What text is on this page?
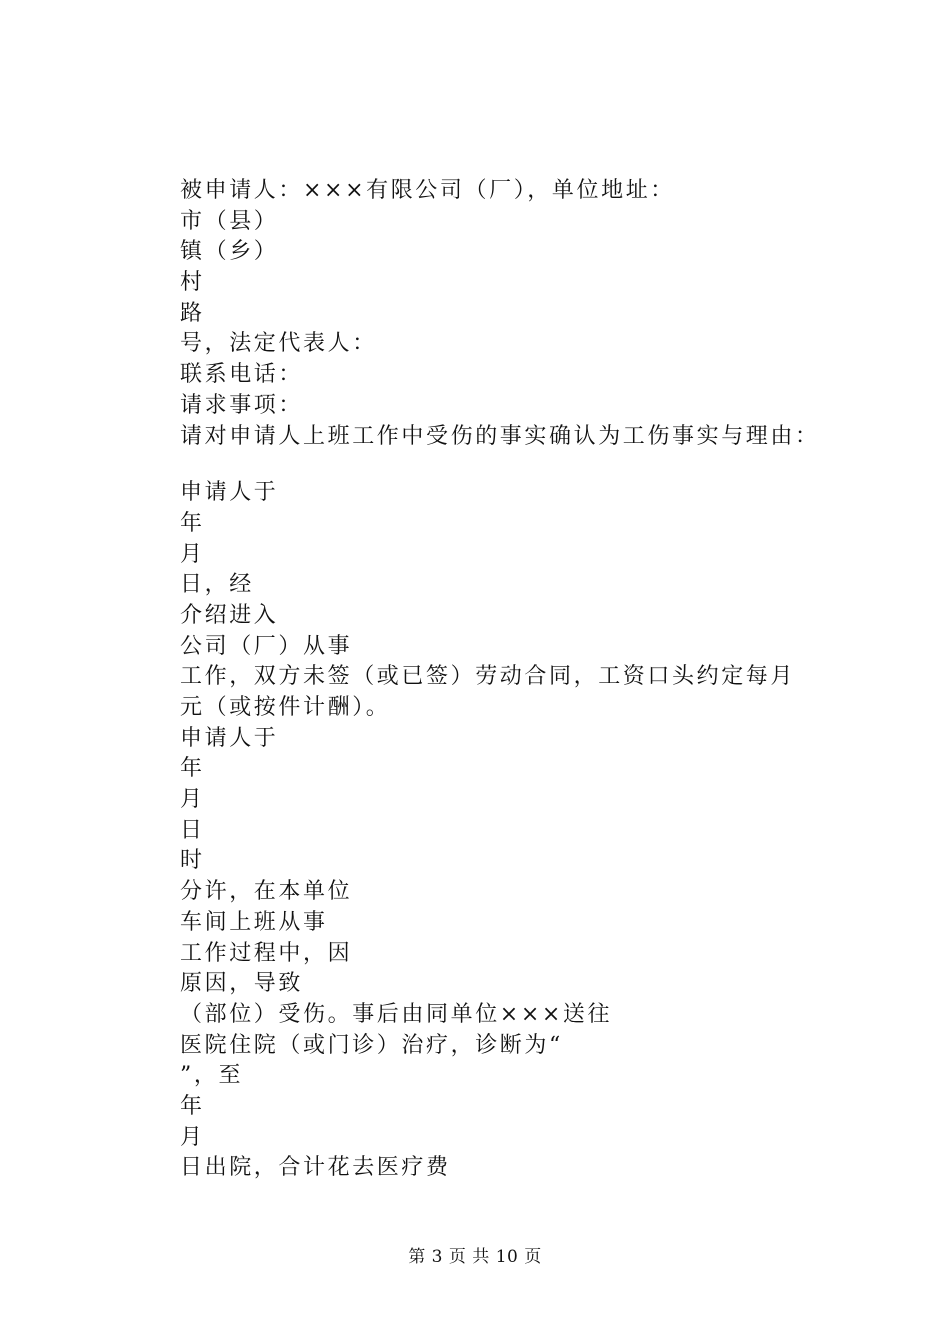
被申请人：×××有限公司（厂），单位地址：
市（县）
镇（乡）
村
路
号，法定代表人：
联系电话：
请求事项：
请对申请人上班工作中受伤的事实确认为工伤事实与理由：
申请人于
年
月
日，经
介绍进入
公司（厂）从事
工作，双方未签（或已签）劳动合同，工资口头约定每月
元（或按件计酬）。
申请人于
年
月
日
时
分许，在本单位
车间上班从事
工作过程中，因
原因，导致
（部位）受伤。事后由同单位×××送往
医院住院（或门诊）治疗，诊断为“
”，至
年
月
日出院，合计花去医疗费
第 3 页 共 10 页
